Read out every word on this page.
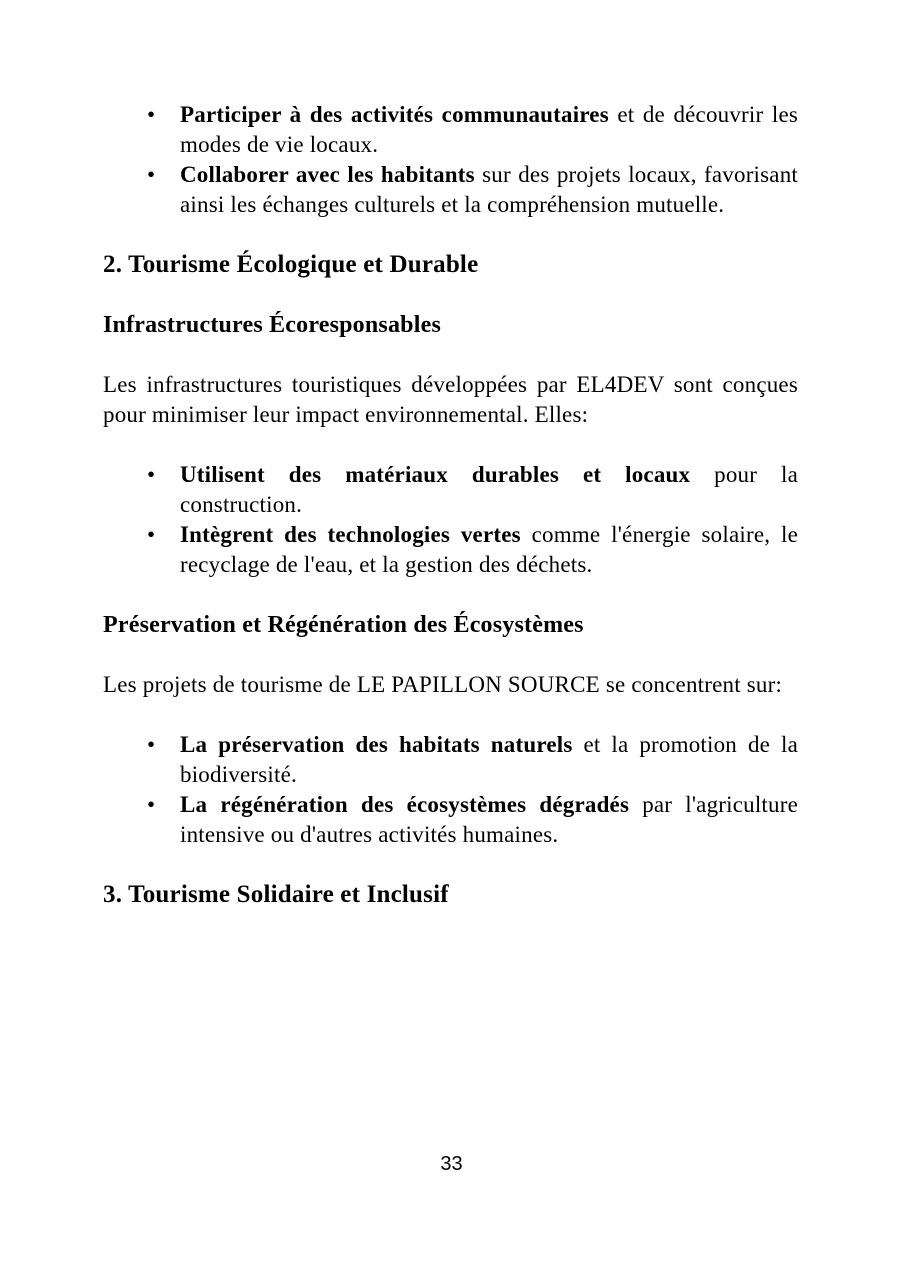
• Participer à des activités communautaires et de découvrir les modes de vie locaux.
• Collaborer avec les habitants sur des projets locaux, favorisant ainsi les échanges culturels et la compréhension mutuelle.
2. Tourisme Écologique et Durable
Infrastructures Écoresponsables

Les infrastructures touristiques développées par EL4DEV sont conçues pour minimiser leur impact environnemental. Elles:

• Utilisent des matériaux durables et locaux pour la construction.
• Intègrent des technologies vertes comme l'énergie solaire, le recyclage de l'eau, et la gestion des déchets.
Préservation et Régénération des Écosystèmes

Les projets de tourisme de LE PAPILLON SOURCE se concentrent sur:

• La préservation des habitats naturels et la promotion de la biodiversité.
• La régénération des écosystèmes dégradés par l'agriculture intensive ou d'autres activités humaines.
3. Tourisme Solidaire et Inclusif
33
